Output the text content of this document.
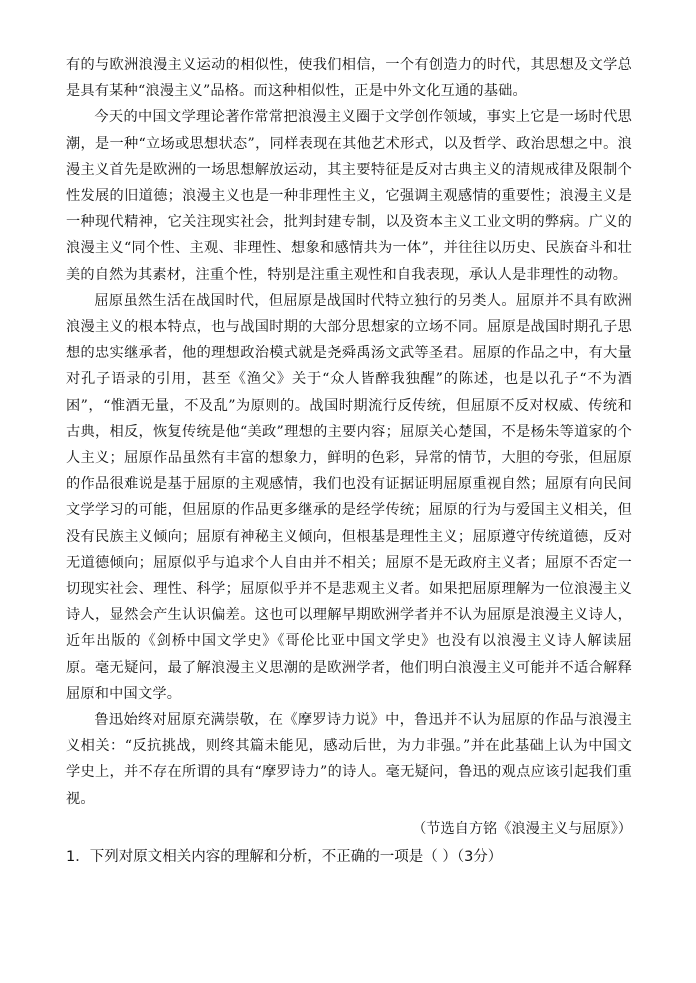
有的与欧洲浪漫主义运动的相似性，使我们相信，一个有创造力的时代，其思想及文学总是具有某种“浪漫主义”品格。而这种相似性，正是中外文化互通的基础。

今天的中国文学理论著作常常把浪漫主义圈于文学创作领域，事实上它是一场时代思潮，是一种“立场或思想状态”，同样表现在其他艺术形式，以及哲学、政治思想之中。浪漫主义首先是欧洲的一场思想解放运动，其主要特征是反对古典主义的清规戒律及限制个性发展的旧道德；浪漫主义也是一种非理性主义，它强调主观感情的重要性；浪漫主义是一种现代精神，它关注现实社会，批判封建专制，以及资本主义工业文明的弊病。广义的浪漫主义“同个性、主观、非理性、想象和感情共为一体”，并往往以历史、民族奋斗和壮美的自然为其素材，注重个性，特别是注重主观性和自我表现，承认人是非理性的动物。

屈原虽然生活在战国时代，但屈原是战国时代特立独行的另类人。屈原并不具有欧洲浪漫主义的根本特点，也与战国时期的大部分思想家的立场不同。屈原是战国时期孔子思想的忠实继承者，他的理想政治模式就是尧舜禹汤文武等圣君。屈原的作品之中，有大量对孔子语录的引用，甚至《渔父》关于“众人皆醉我独醒”的陈述，也是以孔子“不为酒困”，“惟酒无量，不及乱”为原则的。战国时期流行反传统，但屈原不反对权威、传统和古典，相反，恢复传统是他“美政”理想的主要内容；屈原关心楚国，不是杨朱等道家的个人主义；屈原作品虽然有丰富的想象力，鲜明的色彩，异常的情节，大胆的夸张，但屈原的作品很难说是基于屈原的主观感情，我们也没有证据证明屈原重视自然；屈原有向民间文学学习的可能，但屈原的作品更多继承的是经学传统；屈原的行为与爱国主义相关，但没有民族主义倾向；屈原有神秘主义倾向，但根基是理性主义；屈原遵守传统道德，反对无道德倾向；屈原似乎与追求个人自由并不相关；屈原不是无政府主义者；屈原不否定一切现实社会、理性、科学；屈原似乎并不是悲观主义者。如果把屈原理解为一位浪漫主义诗人，显然会产生认识偏差。这也可以理解早期欧洲学者并不认为屈原是浪漫主义诗人，近年出版的《剑桥中国文学史》《哥伦比亚中国文学史》也没有以浪漫主义诗人解读屈原。毫无疑问，最了解浪漫主义思潮的是欧洲学者，他们明白浪漫主义可能并不适合解释屈原和中国文学。

鲁迅始终对屈原充满崇敬，在《摩罗诗力说》中，鲁迅并不认为屈原的作品与浪漫主义相关：“反抗挑战，则终其篇未能见，感动后世，为力非强。”并在此基础上认为中国文学史上，并不存在所谓的具有“摩罗诗力”的诗人。毫无疑问，鲁迅的观点应该引起我们重视。

（节选自方铭《浪漫主义与屈原》）

1．下列对原文相关内容的理解和分析，不正确的一项是（ ）（3分）
